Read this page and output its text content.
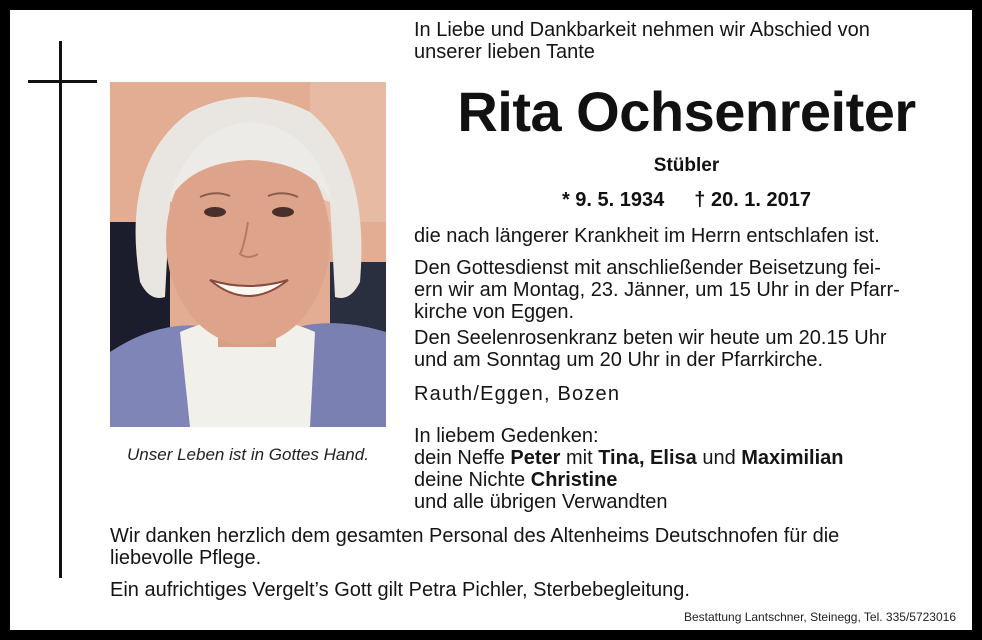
Unser Leben ist in Gottes Hand.
In Liebe und Dankbarkeit nehmen wir Abschied von
unserer lieben Tante
Rita Ochsenreiter
Stübler
* 9. 5. 1934 † 20. 1. 2017
die nach längerer Krankheit im Herrn entschlafen ist.
Den Gottesdienst mit anschließender Beisetzung fei-
ern wir am Montag, 23. Jänner, um 15 Uhr in der Pfarr-
kirche von Eggen.
Den Seelenrosenkranz beten wir heute um 20.15 Uhr
und am Sonntag um 20 Uhr in der Pfarrkirche.
Rauth/Eggen, Bozen
In liebem Gedenken:
dein Neffe Peter mit Tina, Elisa und Maximilian
deine Nichte Christine
und alle übrigen Verwandten
Wir danken herzlich dem gesamten Personal des Altenheims Deutschnofen für die
liebevolle Pflege.
Ein aufrichtiges Vergelt’s Gott gilt Petra Pichler, Sterbebegleitung.
Bestattung Lantschner, Steinegg, Tel. 335/5723016
